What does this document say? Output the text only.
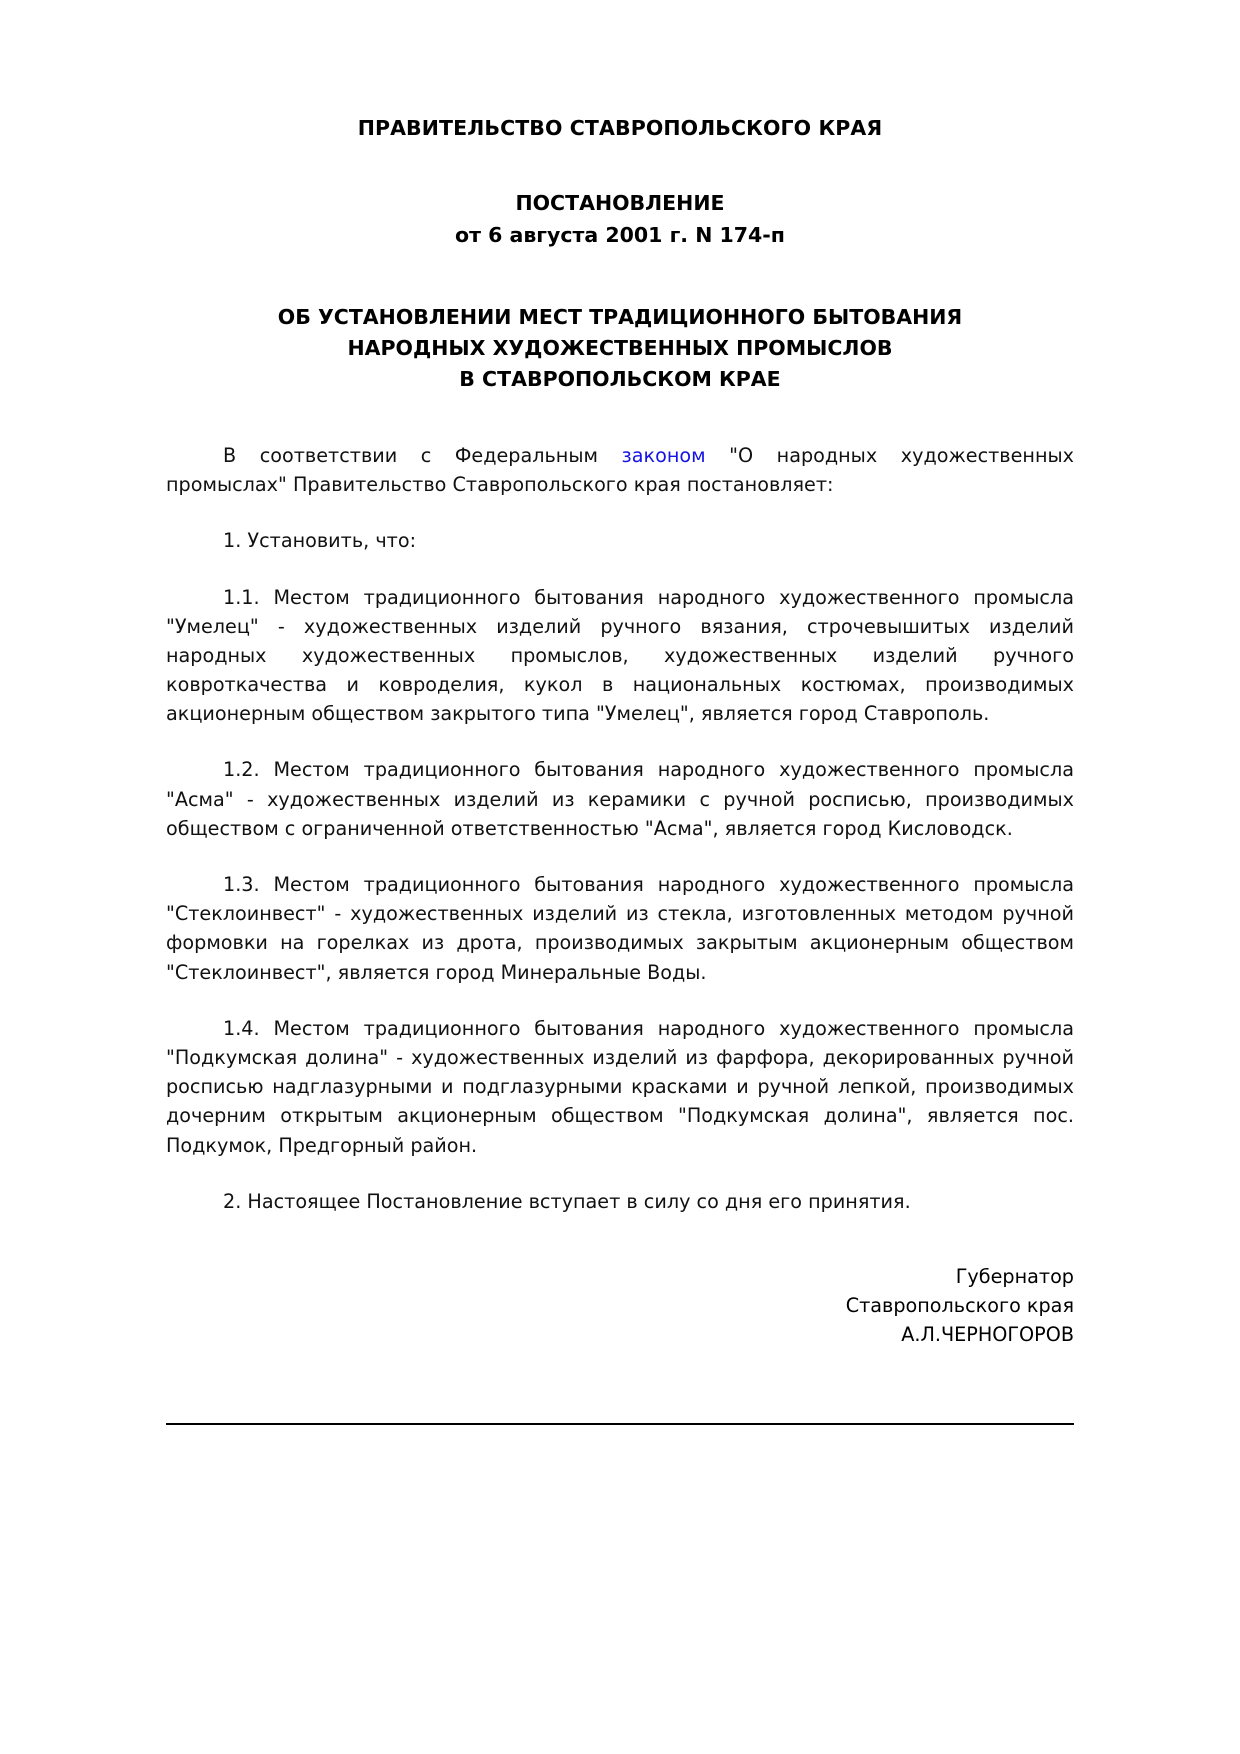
ПРАВИТЕЛЬСТВО СТАВРОПОЛЬСКОГО КРАЯ
ПОСТАНОВЛЕНИЕ
от 6 августа 2001 г. N 174-п
ОБ УСТАНОВЛЕНИИ МЕСТ ТРАДИЦИОННОГО БЫТОВАНИЯ
НАРОДНЫХ ХУДОЖЕСТВЕННЫХ ПРОМЫСЛОВ
В СТАВРОПОЛЬСКОМ КРАЕ

В соответствии с Федеральным законом "О народных художественных промыслах" Правительство Ставропольского края постановляет:

1. Установить, что:

1.1. Местом традиционного бытования народного художественного промысла "Умелец" - художественных изделий ручного вязания, строчевышитых изделий народных художественных промыслов, художественных изделий ручного ковроткачества и ковроделия, кукол в национальных костюмах, производимых акционерным обществом закрытого типа "Умелец", является город Ставрополь.

1.2. Местом традиционного бытования народного художественного промысла "Асма" - художественных изделий из керамики с ручной росписью, производимых обществом с ограниченной ответственностью "Асма", является город Кисловодск.

1.3. Местом традиционного бытования народного художественного промысла "Стеклоинвест" - художественных изделий из стекла, изготовленных методом ручной формовки на горелках из дрота, производимых закрытым акционерным обществом "Стеклоинвест", является город Минеральные Воды.

1.4. Местом традиционного бытования народного художественного промысла "Подкумская долина" - художественных изделий из фарфора, декорированных ручной росписью надглазурными и подглазурными красками и ручной лепкой, производимых дочерним открытым акционерным обществом "Подкумская долина", является пос. Подкумок, Предгорный район.

2. Настоящее Постановление вступает в силу со дня его принятия.

Губернатор
Ставропольского края
А.Л.ЧЕРНОГОРОВ
